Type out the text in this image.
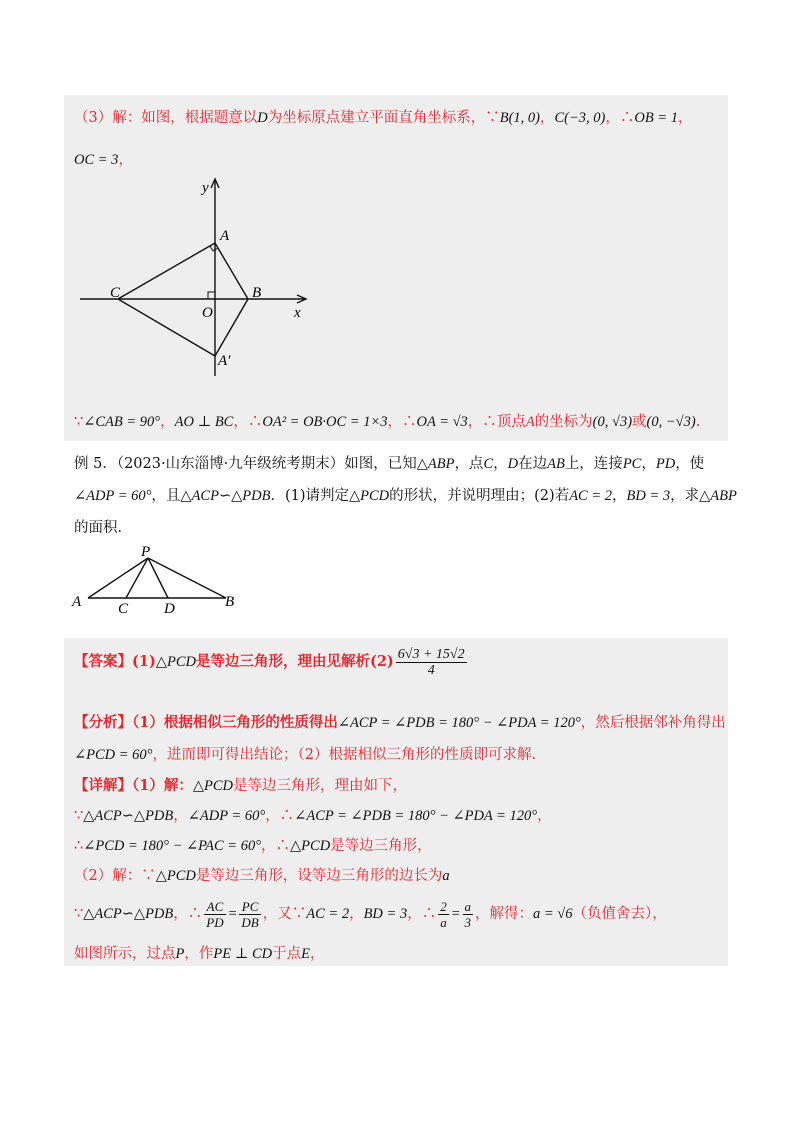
（3）解：如图，根据题意以D为坐标原点建立平面直角坐标系，∵B(1, 0)，C(−3, 0)，∴OB = 1，
OC = 3，
y
A
C	B
O	x
A′
∵∠CAB = 90°，AO ⊥ BC，∴OA² = OB·OC = 1×3，∴OA = √3，∴顶点A的坐标为(0, √3)或(0, −√3).
例 5．（2023·山东淄博·九年级统考期末）如图，已知△ABP，点C，D在边AB上，连接PC，PD，使
∠ADP = 60°，且△ACP∽△PDB．(1)请判定△PCD的形状，并说明理由；(2)若AC = 2，BD = 3，求△ABP
的面积．
P
A C D	B
【答案】(1) △PCD 是等边三角形，理由见解析$(2) \frac{6√3 + 15√2}{4}$
【分析】（1）根据相似三角形的性质得出∠ACP = ∠PDB = 180° − ∠PDA = 120°，然后根据邻补角得出
∠PCD = 60°，进而即可得出结论；（2）根据相似三角形的性质即可求解.
【详解】（1）解：△PCD是等边三角形，理由如下，
∵△ACP∽△PDB，∠ADP = 60°，∴∠ACP = ∠PDB = 180° − ∠PDA = 120°，
∴∠PCD = 180° − ∠PAC = 60°，∴△PCD是等边三角形，
（2）解：∵△PCD是等边三角形，设等边三角形的边长为a
∵ △ACP∽△PDB ，∴ $\frac{AC}{PD} = \frac{PC}{DB}$ ，又∵ AC = 2 ， BD = 3 ，∴ $\frac{2}{a} = \frac{a}{3}$ ，解得： a = √6 （负值舍去），
如图所示，过点P，作PE ⊥ CD于点E，
